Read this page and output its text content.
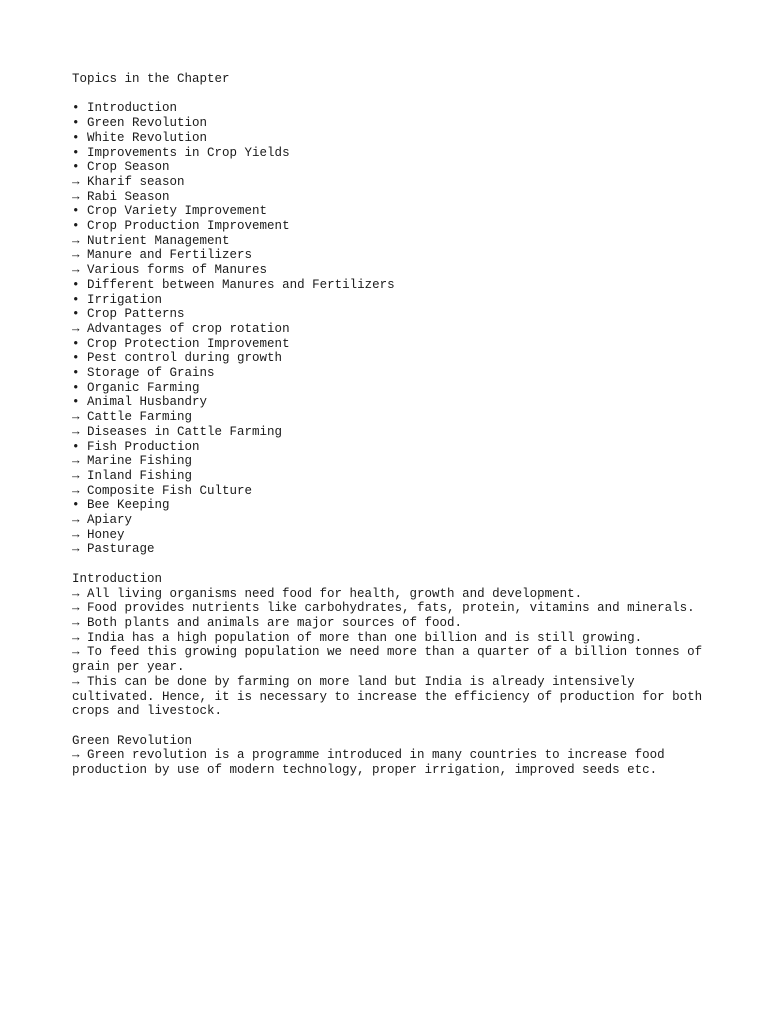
Topics in the Chapter

• Introduction
• Green Revolution
• White Revolution
• Improvements in Crop Yields
• Crop Season
→ Kharif season
→ Rabi Season
• Crop Variety Improvement
• Crop Production Improvement
→ Nutrient Management
→ Manure and Fertilizers
→ Various forms of Manures
• Different between Manures and Fertilizers
• Irrigation
• Crop Patterns
→ Advantages of crop rotation
• Crop Protection Improvement
• Pest control during growth
• Storage of Grains
• Organic Farming
• Animal Husbandry
→ Cattle Farming
→ Diseases in Cattle Farming
• Fish Production
→ Marine Fishing
→ Inland Fishing
→ Composite Fish Culture
• Bee Keeping
→ Apiary
→ Honey
→ Pasturage

Introduction

→ All living organisms need food for health, growth and development.

→ Food provides nutrients like carbohydrates, fats, protein, vitamins and minerals.

→ Both plants and animals are major sources of food.

→ India has a high population of more than one billion and is still growing.

→ To feed this growing population we need more than a quarter of a billion tonnes of grain per year.

→ This can be done by farming on more land but India is already intensively cultivated. Hence, it is necessary to increase the efficiency of production for both crops and livestock.

Green Revolution

→ Green revolution is a programme introduced in many countries to increase food production by use of modern technology, proper irrigation, improved seeds etc.
